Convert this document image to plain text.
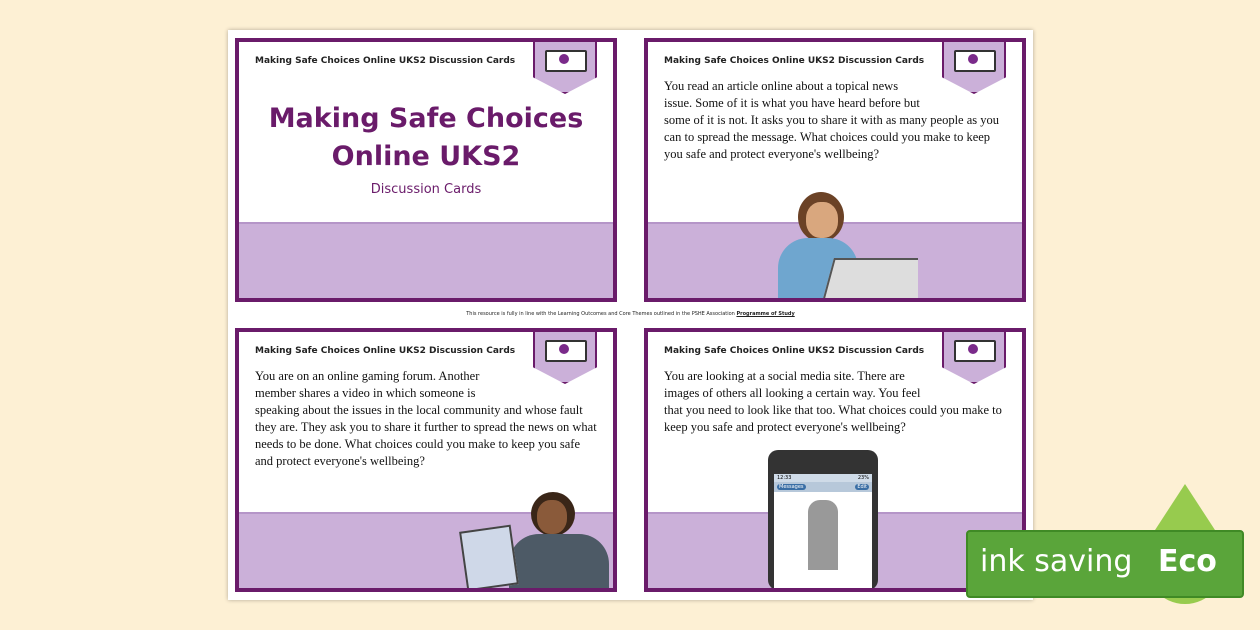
Making Safe Choices Online UKS2 Discussion Cards
Making Safe Choices Online UKS2
Discussion Cards
Making Safe Choices Online UKS2 Discussion Cards
You read an article online about a topical news issue. Some of it is what you have heard before but some of it is not. It asks you to share it with as many people as you can to spread the message. What choices could you make to keep you safe and protect everyone's wellbeing?
This resource is fully in line with the Learning Outcomes and Core Themes outlined in the PSHE Association Programme of Study
Making Safe Choices Online UKS2 Discussion Cards
You are on an online gaming forum. Another member shares a video in which someone is speaking about the issues in the local community and whose fault they are. They ask you to share it further to spread the news on what needs to be done. What choices could you make to keep you safe and protect everyone's wellbeing?
Making Safe Choices Online UKS2 Discussion Cards
You are looking at a social media site. There are images of others all looking a certain way. You feel that you need to look like that too. What choices could you make to keep you safe and protect everyone's wellbeing?
12:33	23%
Messages	Edit
ink saving Eco
